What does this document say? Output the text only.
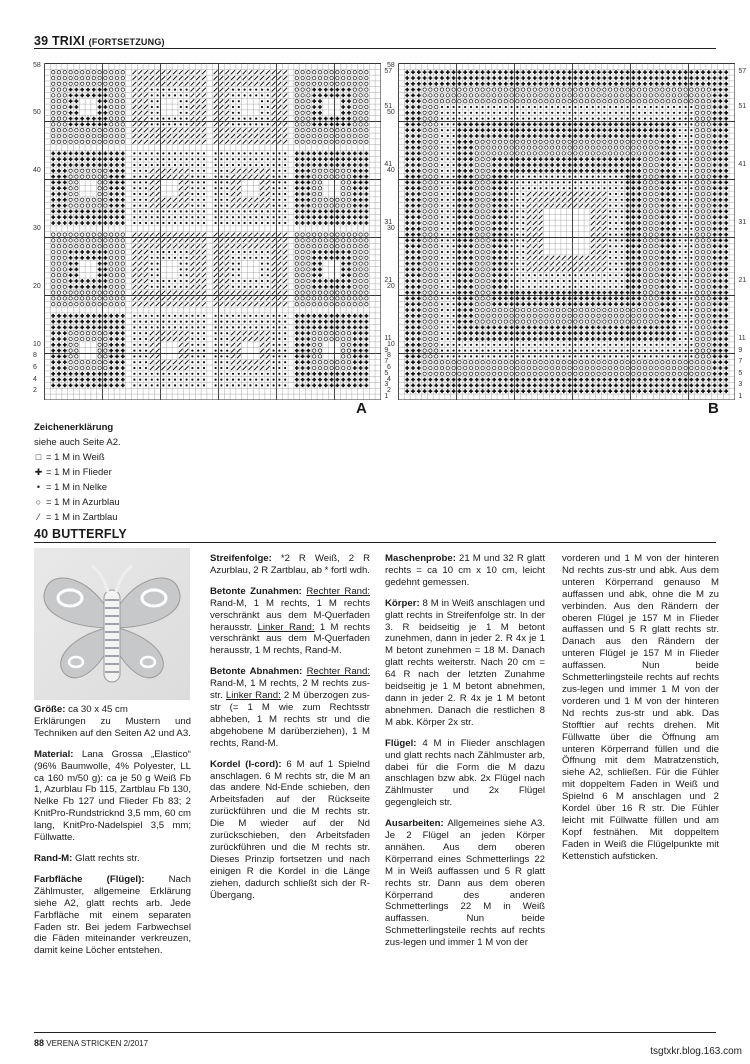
39 TRIXI (FORTSETZUNG)
58
50
40
30
20
10
8
6
4
2
57
51
41
31
21
11
9
7
5
3
1
A
58
50
40
30
20
10
8
6
4
2
57
51
41
31
21
11
9
7
5
3
1
B
Zeichenerklärung
siehe auch Seite A2.
□ = 1 M in Weiß
✚ = 1 M in Flieder
• = 1 M in Nelke
○ = 1 M in Azurblau
⁄ = 1 M in Zartblau
40 BUTTERFLY

Größe: ca 30 x 45 cm
Erklärungen zu Mustern und Techniken auf den Seiten A2 und A3.

Material: Lana Grossa „Elastico“ (96% Baumwolle, 4% Polyester, LL ca 160 m/50 g): ca je 50 g Weiß Fb 1, Azurblau Fb 115, Zartblau Fb 130, Nelke Fb 127 und Flieder Fb 83; 2 KnitPro-Rundstricknd 3,5 mm, 60 cm lang, KnitPro-Nadelspiel 3,5 mm; Füllwatte.

Rand-M: Glatt rechts str.

Farbfläche (Flügel): Nach Zählmuster, allgemeine Erklärung siehe A2, glatt rechts arb. Jede Farbfläche mit einem separaten Faden str. Bei jedem Farbwechsel die Fäden miteinander verkreuzen, damit keine Löcher entstehen.

Streifenfolge: *2 R Weiß, 2 R Azurblau, 2 R Zartblau, ab * fortl wdh.

Betonte Zunahmen: Rechter Rand: Rand-M, 1 M rechts, 1 M rechts verschränkt aus dem M-Querfaden herausstr. Linker Rand: 1 M rechts verschränkt aus dem M-Querfaden herausstr, 1 M rechts, Rand-M.

Betonte Abnahmen: Rechter Rand: Rand-M, 1 M rechts, 2 M rechts zus-str. Linker Rand: 2 M überzogen zus-str (= 1 M wie zum Rechtsstr abheben, 1 M rechts str und die abgehobene M darüberziehen), 1 M rechts, Rand-M.

Kordel (I-cord): 6 M auf 1 Spielnd anschlagen. 6 M rechts str, die M an das andere Nd-Ende schieben, den Arbeitsfaden auf der Rückseite zurückführen und die M rechts str. Die M wieder auf der Nd zurückschieben, den Arbeitsfaden zurückführen und die M rechts str. Dieses Prinzip fortsetzen und nach einigen R die Kordel in die Länge ziehen, dadurch schließt sich der R-Übergang.

Maschenprobe: 21 M und 32 R glatt rechts = ca 10 cm x 10 cm, leicht gedehnt gemessen.

Körper: 8 M in Weiß anschlagen und glatt rechts in Streifenfolge str. In der 3. R beidseitig je 1 M betont zunehmen, dann in jeder 2. R 4x je 1 M betont zunehmen = 18 M. Danach glatt rechts weiterstr. Nach 20 cm = 64 R nach der letzten Zunahme beidseitig je 1 M betont abnehmen, dann in jeder 2. R 4x je 1 M betont abnehmen. Danach die restlichen 8 M abk. Körper 2x str.

Flügel: 4 M in Flieder anschlagen und glatt rechts nach Zählmuster arb, dabei für die Form die M dazu anschlagen bzw abk. 2x Flügel nach Zählmuster und 2x Flügel gegengleich str.

Ausarbeiten: Allgemeines siehe A3. Je 2 Flügel an jeden Körper annähen. Aus dem oberen Körperrand eines Schmetterlings 22 M in Weiß auffassen und 5 R glatt rechts str. Dann aus dem oberen Körperrand des anderen Schmetterlings 22 M in Weiß auffassen. Nun beide Schmetterlingsteile rechts auf rechts zus-legen und immer 1 M von der

vorderen und 1 M von der hinteren Nd rechts zus-str und abk. Aus dem unteren Körperrand genauso M auffassen und abk, ohne die M zu verbinden. Aus den Rändern der oberen Flügel je 157 M in Flieder auffassen und 5 R glatt rechts str. Danach aus den Rändern der unteren Flügel je 157 M in Flieder auffassen. Nun beide Schmetterlingsteile rechts auf rechts zus-legen und immer 1 M von der vorderen und 1 M von der hinteren Nd rechts zus-str und abk. Das Stofftier auf rechts drehen. Mit Füllwatte über die Öffnung am unteren Körperrand füllen und die Öffnung mit dem Matratzenstich, siehe A2, schließen. Für die Fühler mit doppeltem Faden in Weiß und Spielnd 6 M anschlagen und 2 Kordel über 16 R str. Die Fühler leicht mit Füllwatte füllen und am Kopf festnähen. Mit doppeltem Faden in Weiß die Flügelpunkte mit Kettenstich aufsticken.

88 VERENA STRICKEN 2/2017
tsgtxkr.blog.163.com
